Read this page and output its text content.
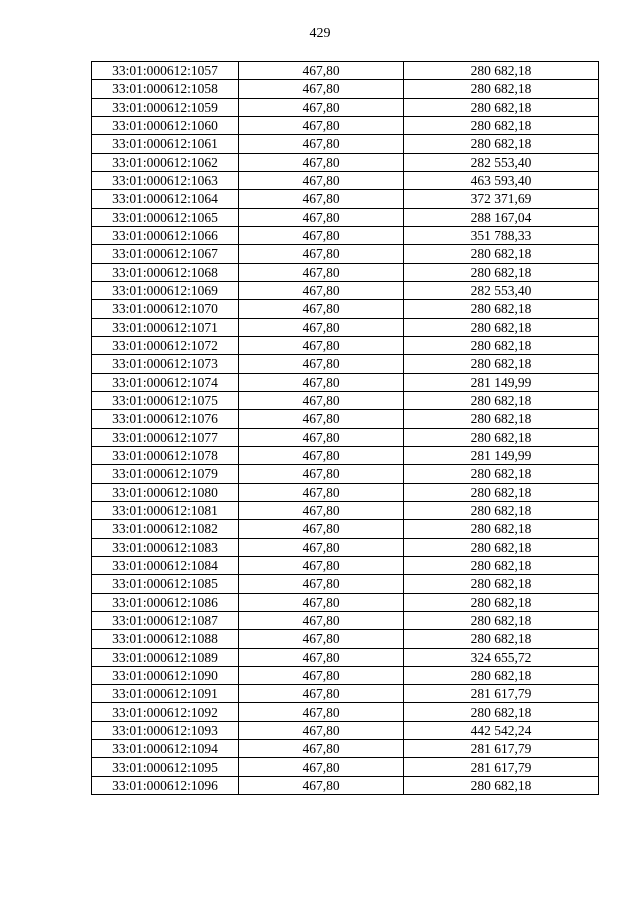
429
33:01:000612:1057	467,80	280 682,18
33:01:000612:1058	467,80	280 682,18
33:01:000612:1059	467,80	280 682,18
33:01:000612:1060	467,80	280 682,18
33:01:000612:1061	467,80	280 682,18
33:01:000612:1062	467,80	282 553,40
33:01:000612:1063	467,80	463 593,40
33:01:000612:1064	467,80	372 371,69
33:01:000612:1065	467,80	288 167,04
33:01:000612:1066	467,80	351 788,33
33:01:000612:1067	467,80	280 682,18
33:01:000612:1068	467,80	280 682,18
33:01:000612:1069	467,80	282 553,40
33:01:000612:1070	467,80	280 682,18
33:01:000612:1071	467,80	280 682,18
33:01:000612:1072	467,80	280 682,18
33:01:000612:1073	467,80	280 682,18
33:01:000612:1074	467,80	281 149,99
33:01:000612:1075	467,80	280 682,18
33:01:000612:1076	467,80	280 682,18
33:01:000612:1077	467,80	280 682,18
33:01:000612:1078	467,80	281 149,99
33:01:000612:1079	467,80	280 682,18
33:01:000612:1080	467,80	280 682,18
33:01:000612:1081	467,80	280 682,18
33:01:000612:1082	467,80	280 682,18
33:01:000612:1083	467,80	280 682,18
33:01:000612:1084	467,80	280 682,18
33:01:000612:1085	467,80	280 682,18
33:01:000612:1086	467,80	280 682,18
33:01:000612:1087	467,80	280 682,18
33:01:000612:1088	467,80	280 682,18
33:01:000612:1089	467,80	324 655,72
33:01:000612:1090	467,80	280 682,18
33:01:000612:1091	467,80	281 617,79
33:01:000612:1092	467,80	280 682,18
33:01:000612:1093	467,80	442 542,24
33:01:000612:1094	467,80	281 617,79
33:01:000612:1095	467,80	281 617,79
33:01:000612:1096	467,80	280 682,18
